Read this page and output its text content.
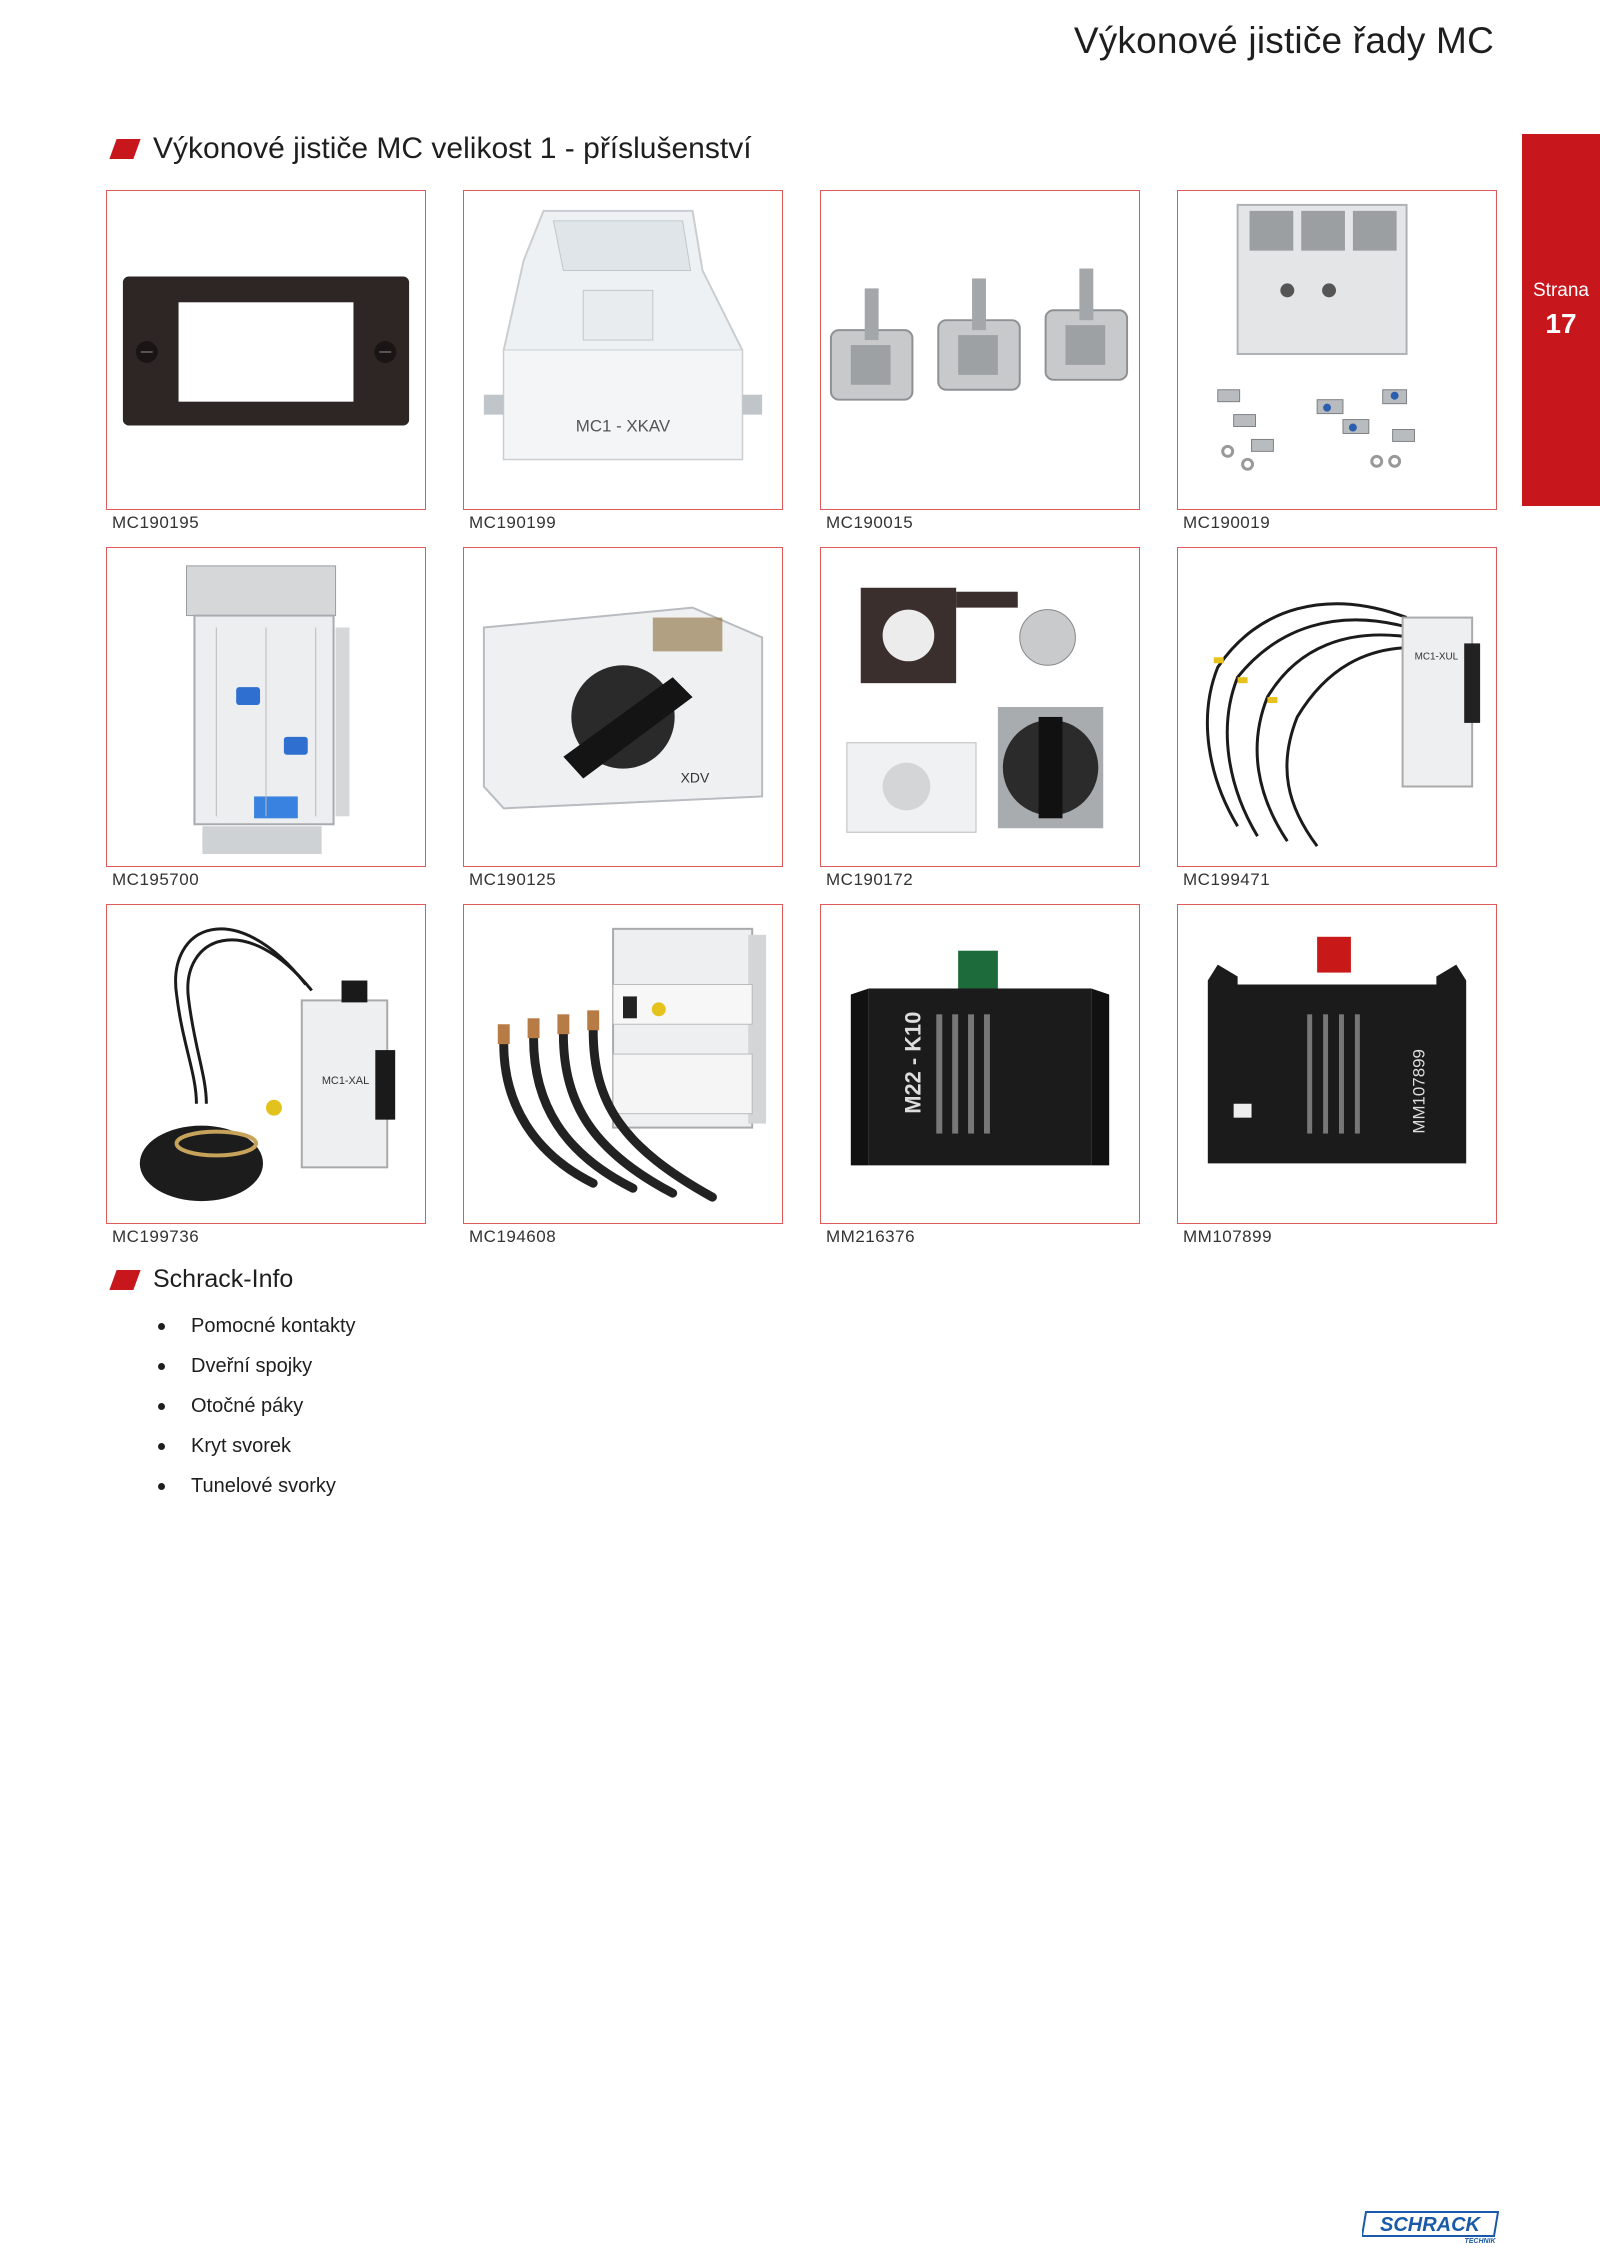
Výkonové jističe řady MC
Strana
17
Výkonové jističe MC velikost 1 - příslušenství
MC190195
MC1 - XKAV
MC190199	MC190015	MC190019
MC195700
XDV
MC190125	MC190172
MC1-XUL
MC199471
MC1-XAL
MC199736	MC194608
M22 - K10
MM216376
MM107899
MM107899
Schrack-Info
Pomocné kontakty
Dveřní spojky
Otočné páky
Kryt svorek
Tunelové svorky
SCHRACK
TECHNIK
